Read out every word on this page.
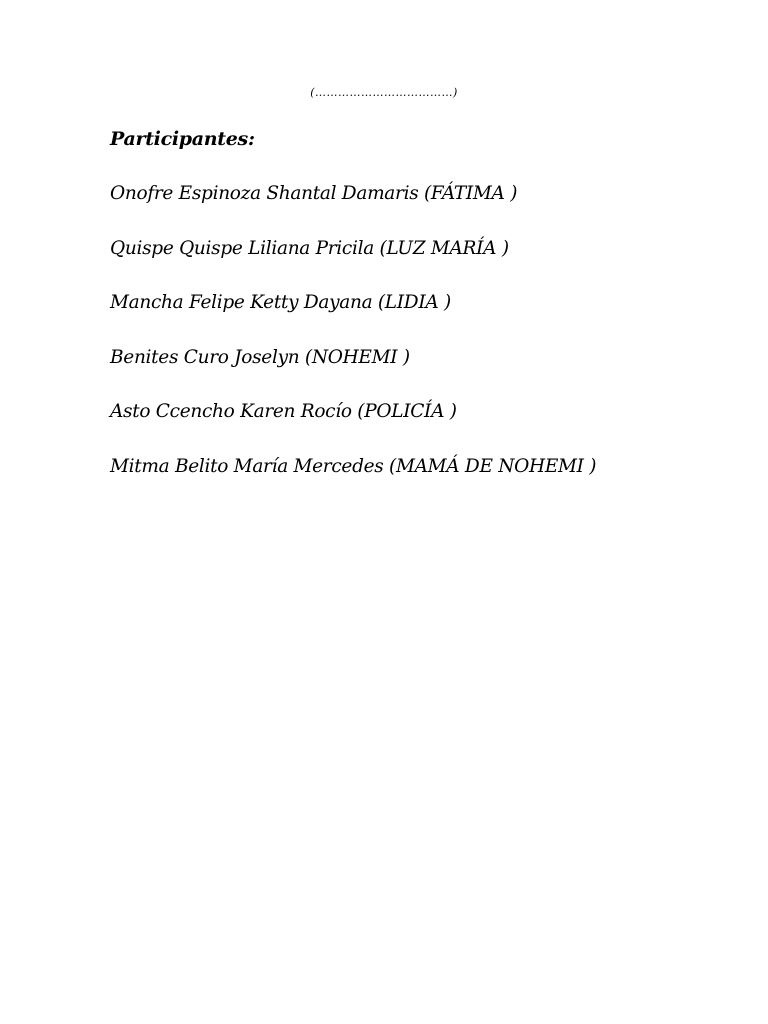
(………………………………)
Participantes:
Onofre Espinoza Shantal Damaris (FÁTIMA )
Quispe Quispe Liliana Pricila (LUZ MARÍA )
Mancha Felipe Ketty Dayana (LIDIA )
Benites Curo Joselyn (NOHEMI )
Asto Ccencho Karen Rocío (POLICÍA )
Mitma Belito María Mercedes (MAMÁ DE NOHEMI )
